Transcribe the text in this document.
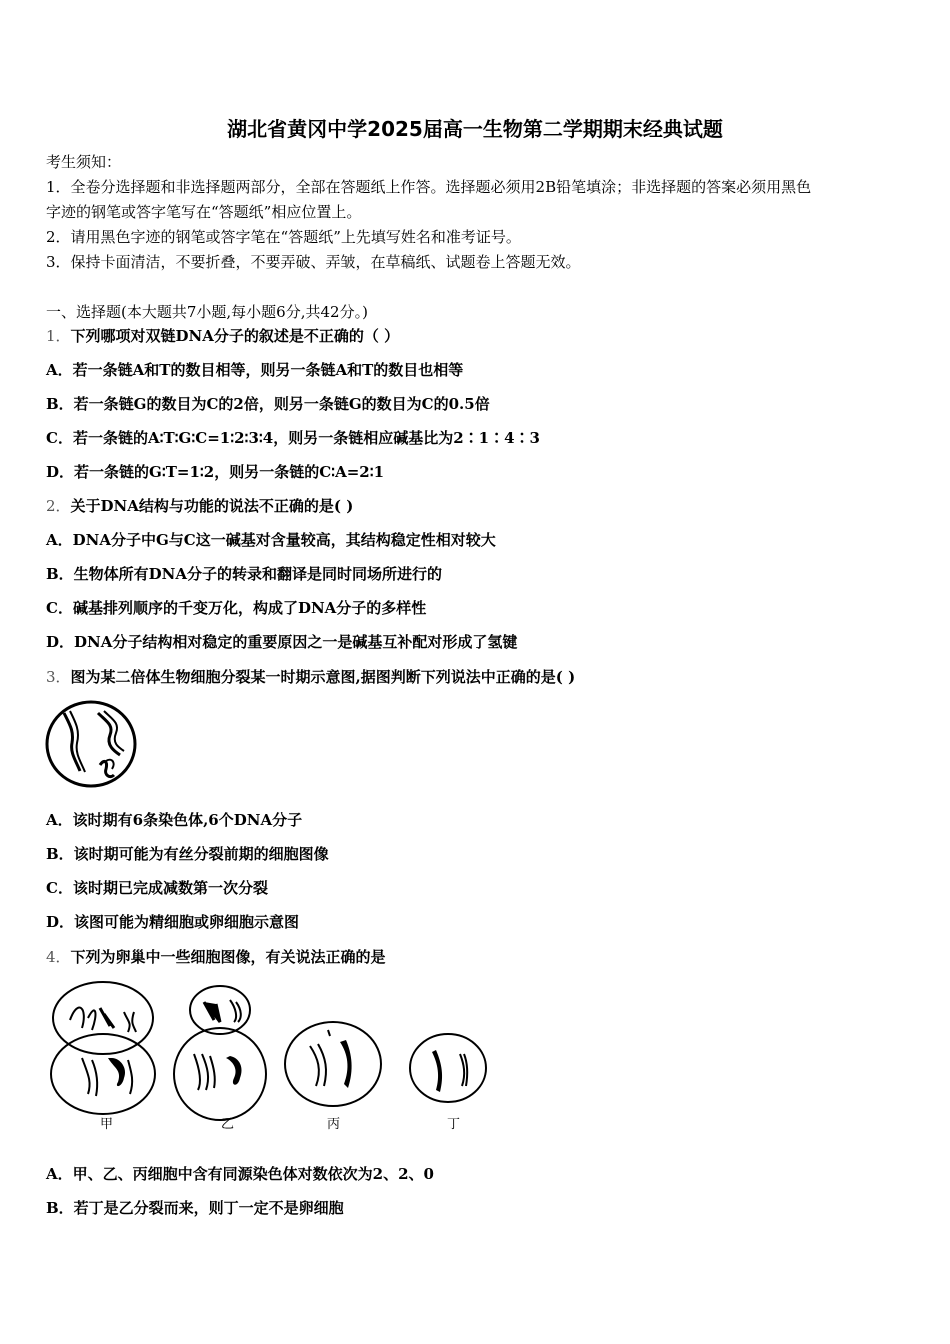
湖北省黄冈中学2025届高一生物第二学期期末经典试题
考生须知：
1．全卷分选择题和非选择题两部分，全部在答题纸上作答。选择题必须用2B铅笔填涂；非选择题的答案必须用黑色
字迹的钢笔或答字笔写在“答题纸”相应位置上。
2．请用黑色字迹的钢笔或答字笔在“答题纸”上先填写姓名和准考证号。
3．保持卡面清洁，不要折叠，不要弄破、弄皱，在草稿纸、试题卷上答题无效。
一、选择题(本大题共7小题,每小题6分,共42分。)
1．下列哪项对双链DNA分子的叙述是不正确的（ ）
A．若一条链A和T的数目相等，则另一条链A和T的数目也相等
B．若一条链G的数目为C的2倍，则另一条链G的数目为C的0.5倍
C．若一条链的A∶T∶G∶C=1∶2∶3∶4，则另一条链相应碱基比为2∶1∶4∶3
D．若一条链的G∶T=1∶2，则另一条链的C∶A=2∶1
2．关于DNA结构与功能的说法不正确的是( )
A．DNA分子中G与C这一碱基对含量较高，其结构稳定性相对较大
B．生物体所有DNA分子的转录和翻译是同时同场所进行的
C．碱基排列顺序的千变万化，构成了DNA分子的多样性
D．DNA分子结构相对稳定的重要原因之一是碱基互补配对形成了氢键
3．图为某二倍体生物细胞分裂某一时期示意图,据图判断下列说法中正确的是( )
A．该时期有6条染色体,6个DNA分子
B．该时期可能为有丝分裂前期的细胞图像
C．该时期已完成减数第一次分裂
D．该图可能为精细胞或卵细胞示意图
4．下列为卵巢中一些细胞图像，有关说法正确的是
甲	乙	丙	丁
A．甲、乙、丙细胞中含有同源染色体对数依次为2、2、0
B．若丁是乙分裂而来，则丁一定不是卵细胞
